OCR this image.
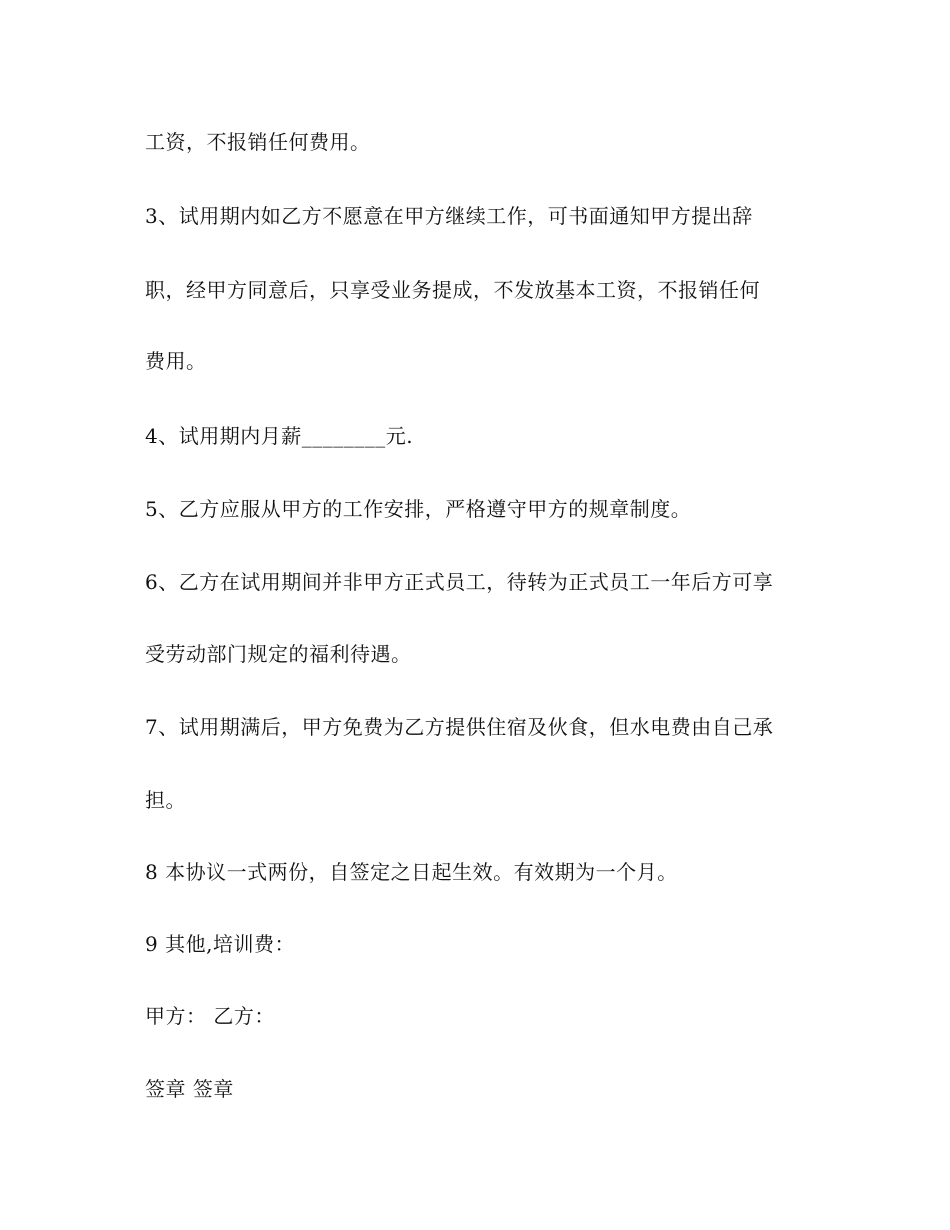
工资，不报销任何费用。
3、试用期内如乙方不愿意在甲方继续工作，可书面通知甲方提出辞
职，经甲方同意后，只享受业务提成，不发放基本工资，不报销任何
费用。
4、试用期内月薪________元.
5、乙方应服从甲方的工作安排，严格遵守甲方的规章制度。
6、乙方在试用期间并非甲方正式员工，待转为正式员工一年后方可享
受劳动部门规定的福利待遇。
7、试用期满后，甲方免费为乙方提供住宿及伙食，但水电费由自己承
担。
8 本协议一式两份，自签定之日起生效。有效期为一个月。
9 其他,培训费：
甲方： 乙方：
签章 签章
